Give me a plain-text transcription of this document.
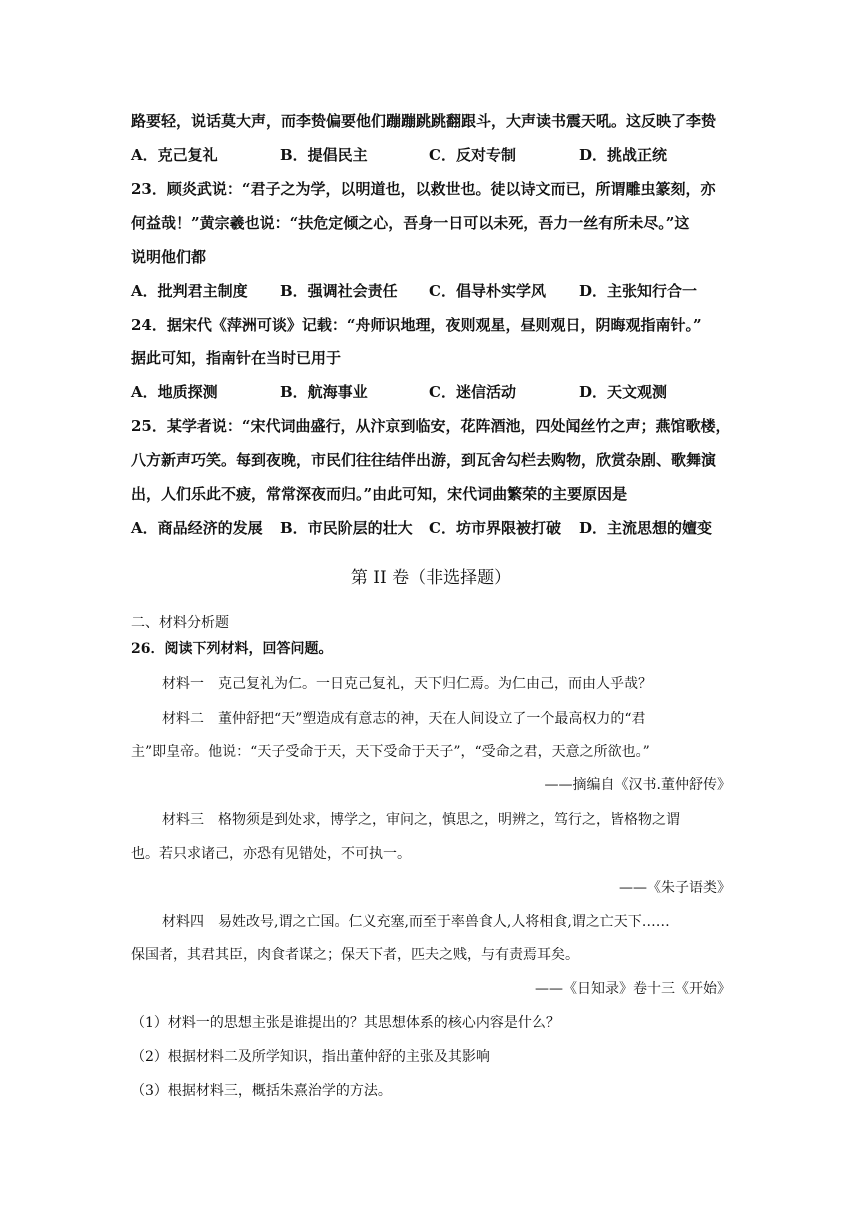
路要轻，说话莫大声，而李贽偏要他们蹦蹦跳跳翻跟斗，大声读书震天吼。这反映了李贽
A．克己复礼	B．提倡民主	C．反对专制	D．挑战正统
23．顾炎武说：“君子之为学，以明道也，以救世也。徒以诗文而已，所谓雕虫篆刻，亦
何益哉！”黄宗羲也说：“扶危定倾之心，吾身一日可以未死，吾力一丝有所未尽。”这
说明他们都
A．批判君主制度 B．强调社会责任 C．倡导朴实学风 D．主张知行合一
24．据宋代《萍洲可谈》记载：“舟师识地理，夜则观星，昼则观日，阴晦观指南针。”
据此可知，指南针在当时已用于
A．地质探测	B．航海事业	C．迷信活动	D．天文观测
25．某学者说：“宋代词曲盛行，从汴京到临安，花阵酒池，四处闻丝竹之声；燕馆歌楼，
八方新声巧笑。每到夜晚，市民们往往结伴出游，到瓦舍勾栏去购物，欣赏杂剧、歌舞演
出，人们乐此不疲，常常深夜而归。”由此可知，宋代词曲繁荣的主要原因是
A．商品经济的发展 B．市民阶层的壮大 C．坊市界限被打破 D．主流思想的嬗变
第 II 卷（非选择题）
二、材料分析题
26．阅读下列材料，回答问题。
材料一　克己复礼为仁。一日克己复礼，天下归仁焉。为仁由己，而由人乎哉？
材料二　董仲舒把“天”塑造成有意志的神，天在人间设立了一个最高权力的“君
主”即皇帝。他说：“天子受命于天，天下受命于天子”，“受命之君，天意之所欲也。”
——摘编自《汉书.董仲舒传》
材料三　格物须是到处求，博学之，审问之，慎思之，明辨之，笃行之，皆格物之谓
也。若只求诸己，亦恐有见错处，不可执一。
——《朱子语类》
材料四　易姓改号,谓之亡国。仁义充塞,而至于率兽食人,人将相食,谓之亡天下……
保国者，其君其臣，肉食者谋之；保天下者，匹夫之贱，与有责焉耳矣。
——《日知录》卷十三《开始》
（1）材料一的思想主张是谁提出的？其思想体系的核心内容是什么？
（2）根据材料二及所学知识，指出董仲舒的主张及其影响
（3）根据材料三，概括朱熹治学的方法。
